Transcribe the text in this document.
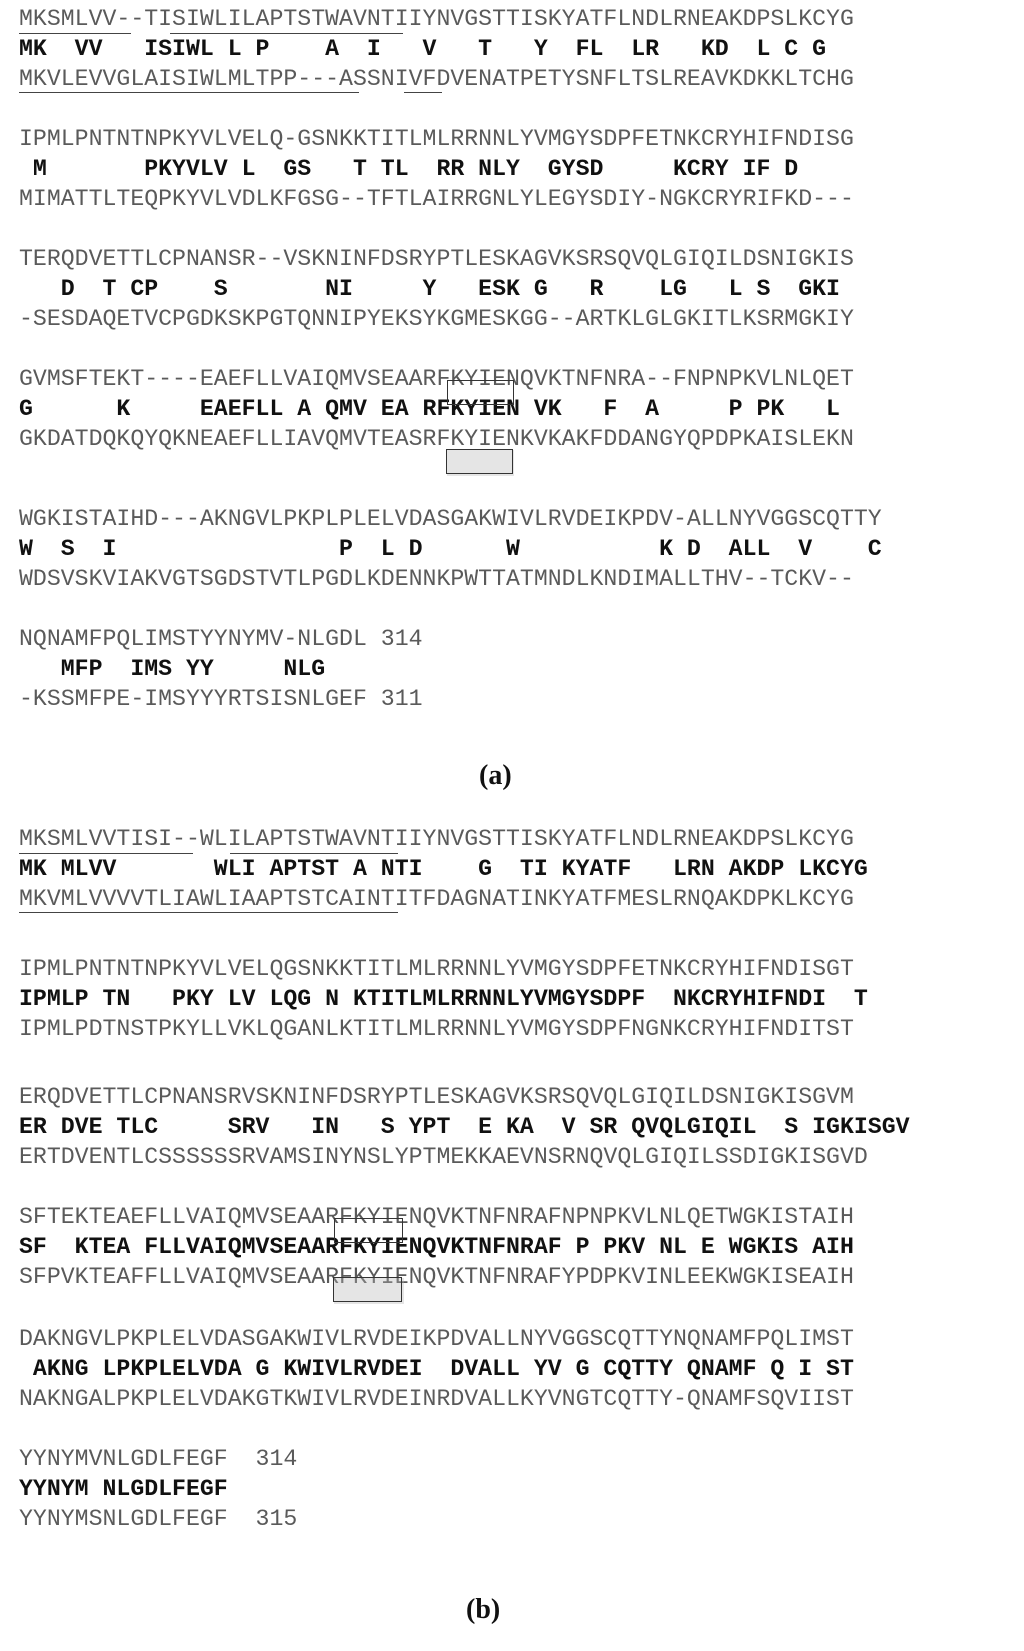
MKSMLVV--TISIWLILAPTSTWAVNTIIYNVGSTTISKYATFLNDLRNEAKDPSLKCYG
MK  VV   ISIWL L P    A  I   V   T   Y  FL  LR   KD  L C G
MKVLEVVGLAISIWLMLTPP---ASSNIVFDVENATPETYSNFLTSLREAVKDKKLTCHG
IPMLPNTNTNPKYVLVELQ-GSNKKTITLMLRRNNLYVMGYSDPFETNKCRYHIFNDISG
M       PKYVLV L  GS   T TL  RR NLY  GYSD     KCRY IF D
MIMATTLTEQPKYVLVDLKFGSG--TFTLAIRRGNLYLEGYSDIY-NGKCRYRIFKD---
TERQDVETTLCPNANSR--VSKNINFDSRYPTLESKAGVKSRSQVQLGIQILDSNIGKIS
D  T CP    S       NI     Y   ESK G   R    LG   L S  GKI
-SESDAQETVCPGDKSKPGTQNNIPYEKSYKGMESKGG--ARTKLGLGKITLKSRMGKIY
GVMSFTEKT----EAEFLLVAIQMVSEAARFKYIENQVKTNFNRA--FNPNPKVLNLQET
G      K     EAEFLL A QMV EA RFKYIEN VK   F  A     P PK   L
GKDATDQKQYQKNEAEFLLIAVQMVTEASRFKYIENKVKAKFDDANGYQPDPKAISLEKN
WGKISTAIHD---AKNGVLPKPLPLELVDASGAKWIVLRVDEIKPDV-ALLNYVGGSCQTTY
W  S  I                P  L D      W          K D  ALL  V    C
WDSVSKVIAKVGTSGDSTVTLPGDLKDENNKPWTTATMNDLKNDIMALLTHV--TCKV--
NQNAMFPQLIMSTYYNYMV-NLGDL 314
MFP  IMS YY     NLG
-KSSMFPE-IMSYYYRTSISNLGEF 311
(a)
MKSMLVVTISI--WLILAPTSTWAVNTIIYNVGSTTISKYATFLNDLRNEAKDPSLKCYG
MK MLVV       WLI APTST A NTI    G  TI KYATF   LRN AKDP LKCYG
MKVMLVVVVTLIAWLIAAPTSTCAINTITFDAGNATINKYATFMESLRNQAKDPKLKCYG
IPMLPNTNTNPKYVLVELQGSNKKTITLMLRRNNLYVMGYSDPFETNKCRYHIFNDISGT
IPMLP TN   PKY LV LQG N KTITLMLRRNNLYVMGYSDPF  NKCRYHIFNDI  T
IPMLPDTNSTPKYLLVKLQGANLKTITLMLRRNNLYVMGYSDPFNGNKCRYHIFNDITST
ERQDVETTLCPNANSRVSKNINFDSRYPTLESKAGVKSRSQVQLGIQILDSNIGKISGVM
ER DVE TLC     SRV   IN   S YPT  E KA  V SR QVQLGIQIL  S IGKISGV
ERTDVENTLCSSSSSSRVAMSINYNSLYPTMEKKAEVNSRNQVQLGIQILSSDIGKISGVD
SFTEKTEAEFLLVAIQMVSEAARFKYIENQVKTNFNRAFNPNPKVLNLQETWGKISTAIH
SF  KTEA FLLVAIQMVSEAARFKYIENQVKTNFNRAF P PKV NL E WGKIS AIH
SFPVKTEAFFLLVAIQMVSEAARFKYIENQVKTNFNRAFYPDPKVINLEEKWGKISEAIH
DAKNGVLPKPLELVDASGAKWIVLRVDEIKPDVALLNYVGGSCQTTYNQNAMFPQLIMST
AKNG LPKPLELVDA G KWIVLRVDEI  DVALL YV G CQTTY QNAMF Q I ST
NAKNGALPKPLELVDAKGTKWIVLRVDEINRDVALLKYVNGTCQTTY-QNAMFSQVIIST
YYNYMVNLGDLFEGF  314
YYNYM NLGDLFEGF
YYNYMSNLGDLFEGF  315
(b)
